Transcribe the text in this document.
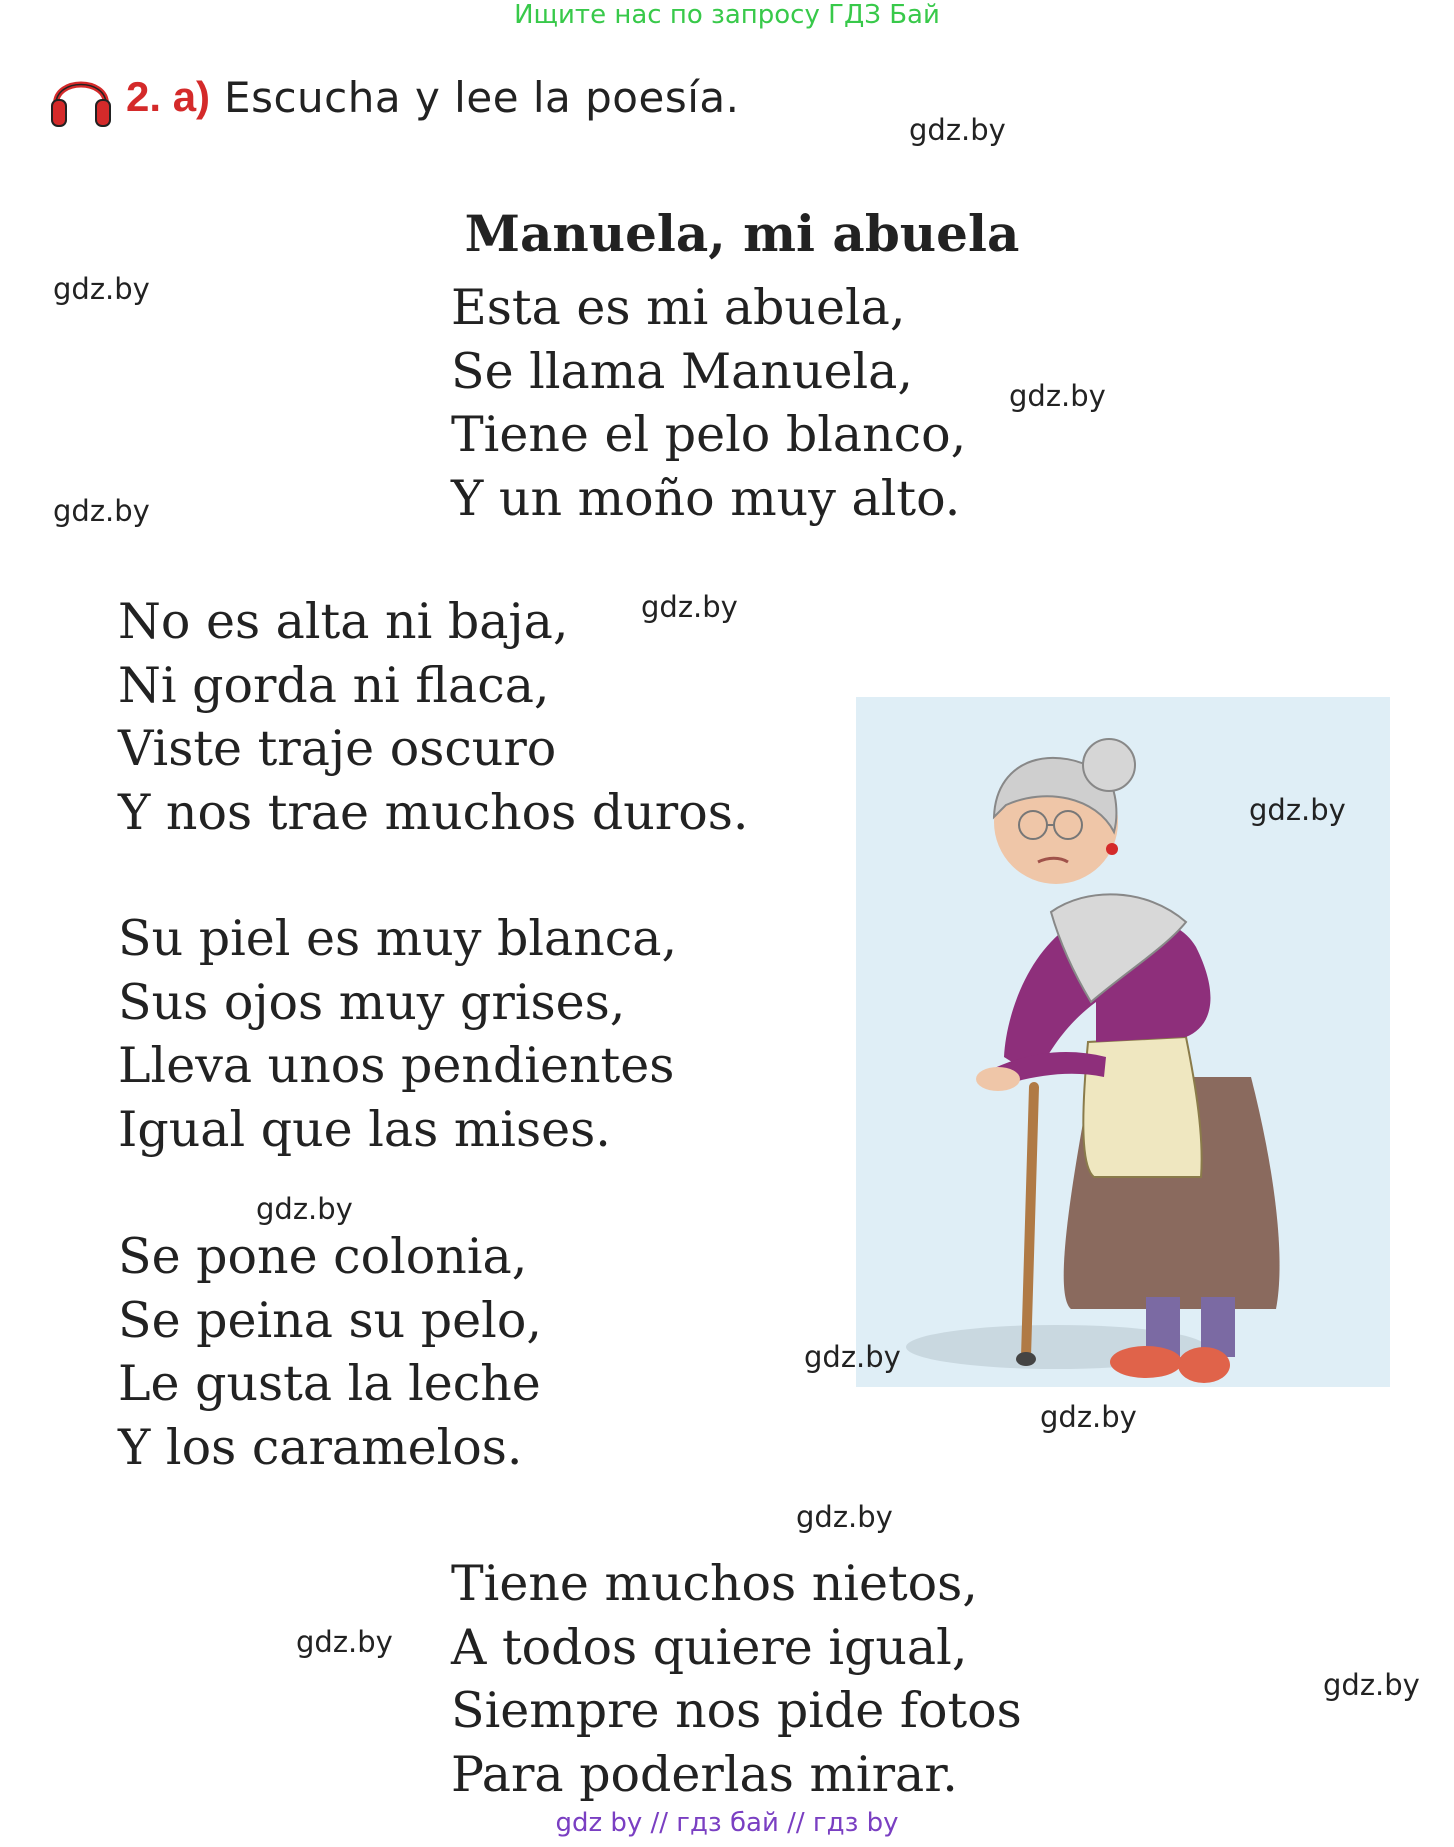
Ищите нас по запросу ГДЗ Бай
2. a) Escucha y lee la poesía.
gdz.by
Manuela, mi abuela
gdz.by	Esta es mi abuela,
Se llama Manuela,
Tiene el pelo blanco,
Y un moño muy alto.
gdz.by
gdz.by
gdz.by
No es alta ni baja,
Ni gorda ni flaca,
Viste traje oscuro
Y nos trae muchos duros.	gdz.by
Su piel es muy blanca,
Sus ojos muy grises,
Lleva unos pendientes
Igual que las mises.
gdz.by
Se pone colonia,
Se peina su pelo,
Le gusta la leche
Y los caramelos.
gdz.by
gdz.by
gdz.by
Tiene muchos nietos,
A todos quiere igual,
Siempre nos pide fotos
Para poderlas mirar.
gdz.by
gdz.by
gdz by // гдз бай // гдз by
